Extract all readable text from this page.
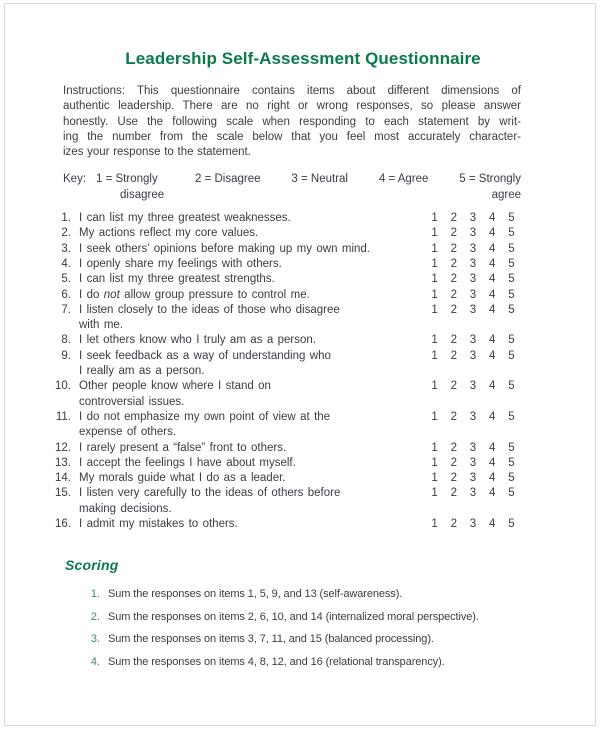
Leadership Self-Assessment Questionnaire
Instructions: This questionnaire contains items about different dimensions of
authentic leadership. There are no right or wrong responses, so please answer
honestly. Use the following scale when responding to each statement by writ-
ing the number from the scale below that you feel most accurately character-
izes your response to the statement.
Key: 1 = Strongly
disagree
2 = Disagree	3 = Neutral	4 = Agree	5 = Strongly
agree
1. I can list my three greatest weaknesses.	1	2	3	4	5
2. My actions reflect my core values.	1	2	3	4	5
3. I seek others’ opinions before making up my own mind.	1	2	3	4	5
4. I openly share my feelings with others.	1	2	3	4	5
5. I can list my three greatest strengths.	1	2	3	4	5
6. I do not allow group pressure to control me.	1	2	3	4	5
7. I listen closely to the ideas of those who disagree
with me.
1	2	3	4	5
8. I let others know who I truly am as a person.	1	2	3	4	5
9. I seek feedback as a way of understanding who
I really am as a person.
1	2	3	4	5
10. Other people know where I stand on
controversial issues.
1	2	3	4	5
11. I do not emphasize my own point of view at the
expense of others.
1	2	3	4	5
12. I rarely present a “false” front to others.	1	2	3	4	5
13. I accept the feelings I have about myself.	1	2	3	4	5
14. My morals guide what I do as a leader.	1	2	3	4	5
15. I listen very carefully to the ideas of others before
making decisions.
1	2	3	4	5
16. I admit my mistakes to others.	1	2	3	4	5
Scoring
1. Sum the responses on items 1, 5, 9, and 13 (self-awareness).
2. Sum the responses on items 2, 6, 10, and 14 (internalized moral perspective).
3. Sum the responses on items 3, 7, 11, and 15 (balanced processing).
4. Sum the responses on items 4, 8, 12, and 16 (relational transparency).
